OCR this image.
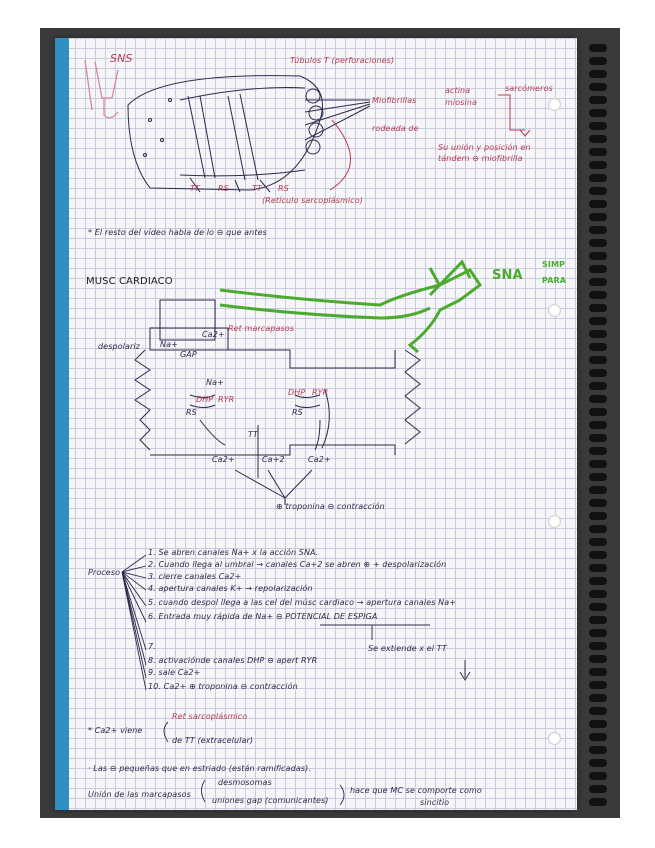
SNS	Túbulos T (perforaciones)
Miofibrillas
actina
miosina
sarcómeros
rodeada de
Su unión y posición en tándem ⊖ miofibrilla
TT RS	TT RS
(Retículo sarcoplásmico)
* El resto del vídeo habla de lo ⊖ que antes
MUSC CARDIACO	SNA
SIMP
PARA
Ret marcapasos
despolariz	Na+
GAP
Ca2+
Na+
DHP RYR
DHP RYR
RS	RS
TT
Ca2+	Ca+2	Ca2+
⊕ troponina ⊖ contracción
Proceso
1. Se abren canales Na+ x la acción SNA.
2. Cuando llega al umbral → canales Ca+2 se abren ⊕ + despolarización
3. cierre canales Ca2+
4. apertura canales K+ → repolarización
5. cuando despol llega a las cel del músc cardiaco → apertura canales Na+
6. Entrada muy rápida de Na+ ⊖ POTENCIAL DE ESPIGA
7.
8. activaciónde canales DHP ⊖ apert RYR
9. sale Ca2+
10. Ca2+ ⊕ troponina ⊖ contracción
Se extiende x el TT
* Ca2+ viene
Ret sarcoplásmico
de TT (extracelular)
· Las ⊖ pequeñas que en estriado (están ramificadas).
Unión de las marcapasos
desmosomas
uniones gap (comunicantes)
hace que MC se comporte como
sincitio
